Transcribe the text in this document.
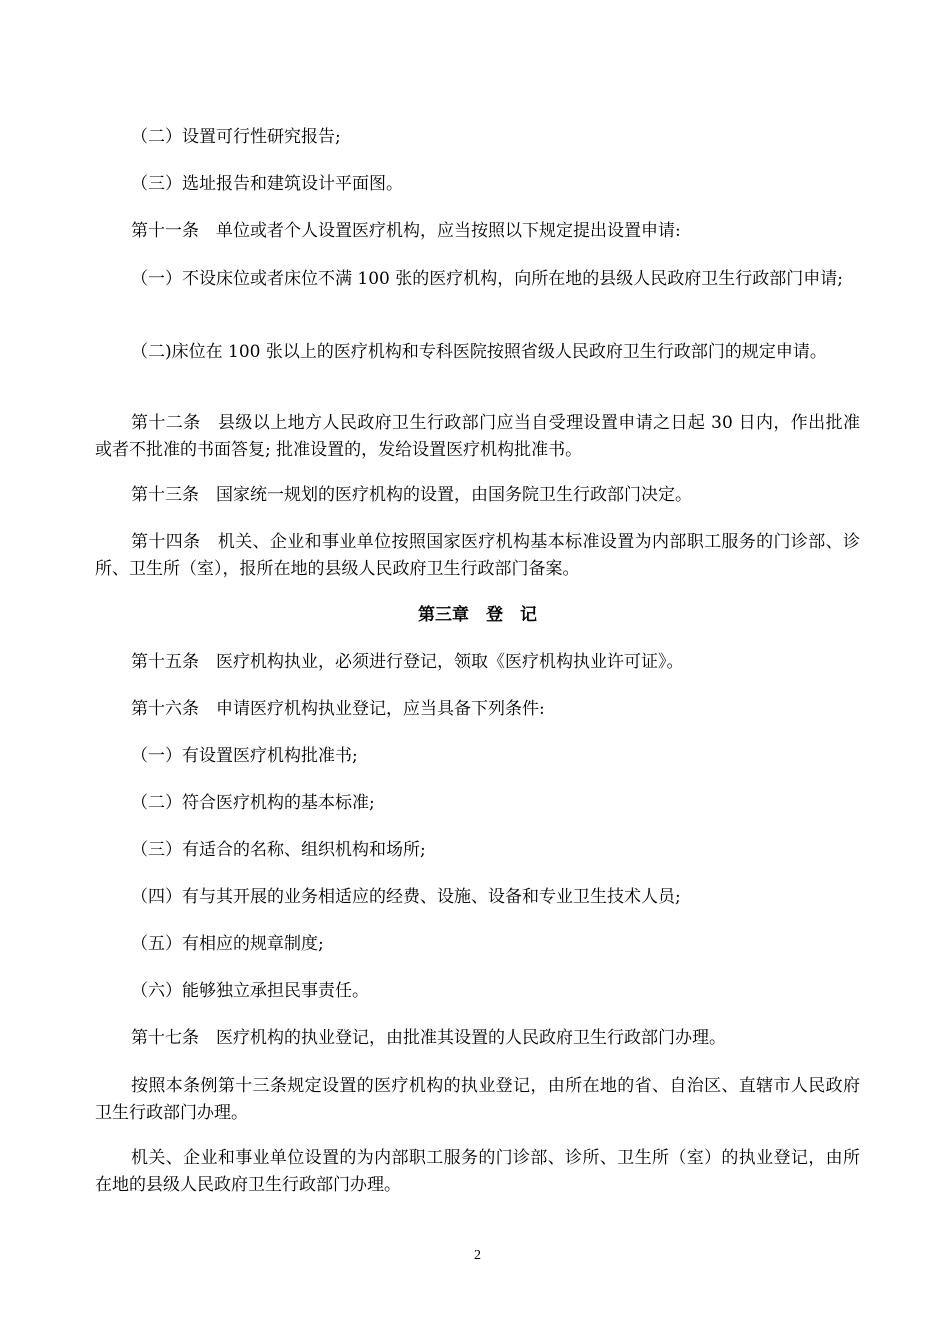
（二）设置可行性研究报告;

（三）选址报告和建筑设计平面图。

第十一条　单位或者个人设置医疗机构，应当按照以下规定提出设置申请:

（一）不设床位或者床位不满 100 张的医疗机构，向所在地的县级人民政府卫生行政部门申请;

（二)床位在 100 张以上的医疗机构和专科医院按照省级人民政府卫生行政部门的规定申请。

第十二条　县级以上地方人民政府卫生行政部门应当自受理设置申请之日起 30 日内，作出批准或者不批准的书面答复; 批准设置的，发给设置医疗机构批准书。

第十三条　国家统一规划的医疗机构的设置，由国务院卫生行政部门决定。

第十四条　机关、企业和事业单位按照国家医疗机构基本标准设置为内部职工服务的门诊部、诊所、卫生所（室），报所在地的县级人民政府卫生行政部门备案。

第三章　登　记

第十五条　医疗机构执业，必须进行登记，领取《医疗机构执业许可证》。

第十六条　申请医疗机构执业登记，应当具备下列条件:

（一）有设置医疗机构批准书;

（二）符合医疗机构的基本标准;

（三）有适合的名称、组织机构和场所;

（四）有与其开展的业务相适应的经费、设施、设备和专业卫生技术人员;

（五）有相应的规章制度;

（六）能够独立承担民事责任。

第十七条　医疗机构的执业登记，由批准其设置的人民政府卫生行政部门办理。

按照本条例第十三条规定设置的医疗机构的执业登记，由所在地的省、自治区、直辖市人民政府卫生行政部门办理。

机关、企业和事业单位设置的为内部职工服务的门诊部、诊所、卫生所（室）的执业登记，由所在地的县级人民政府卫生行政部门办理。

2
